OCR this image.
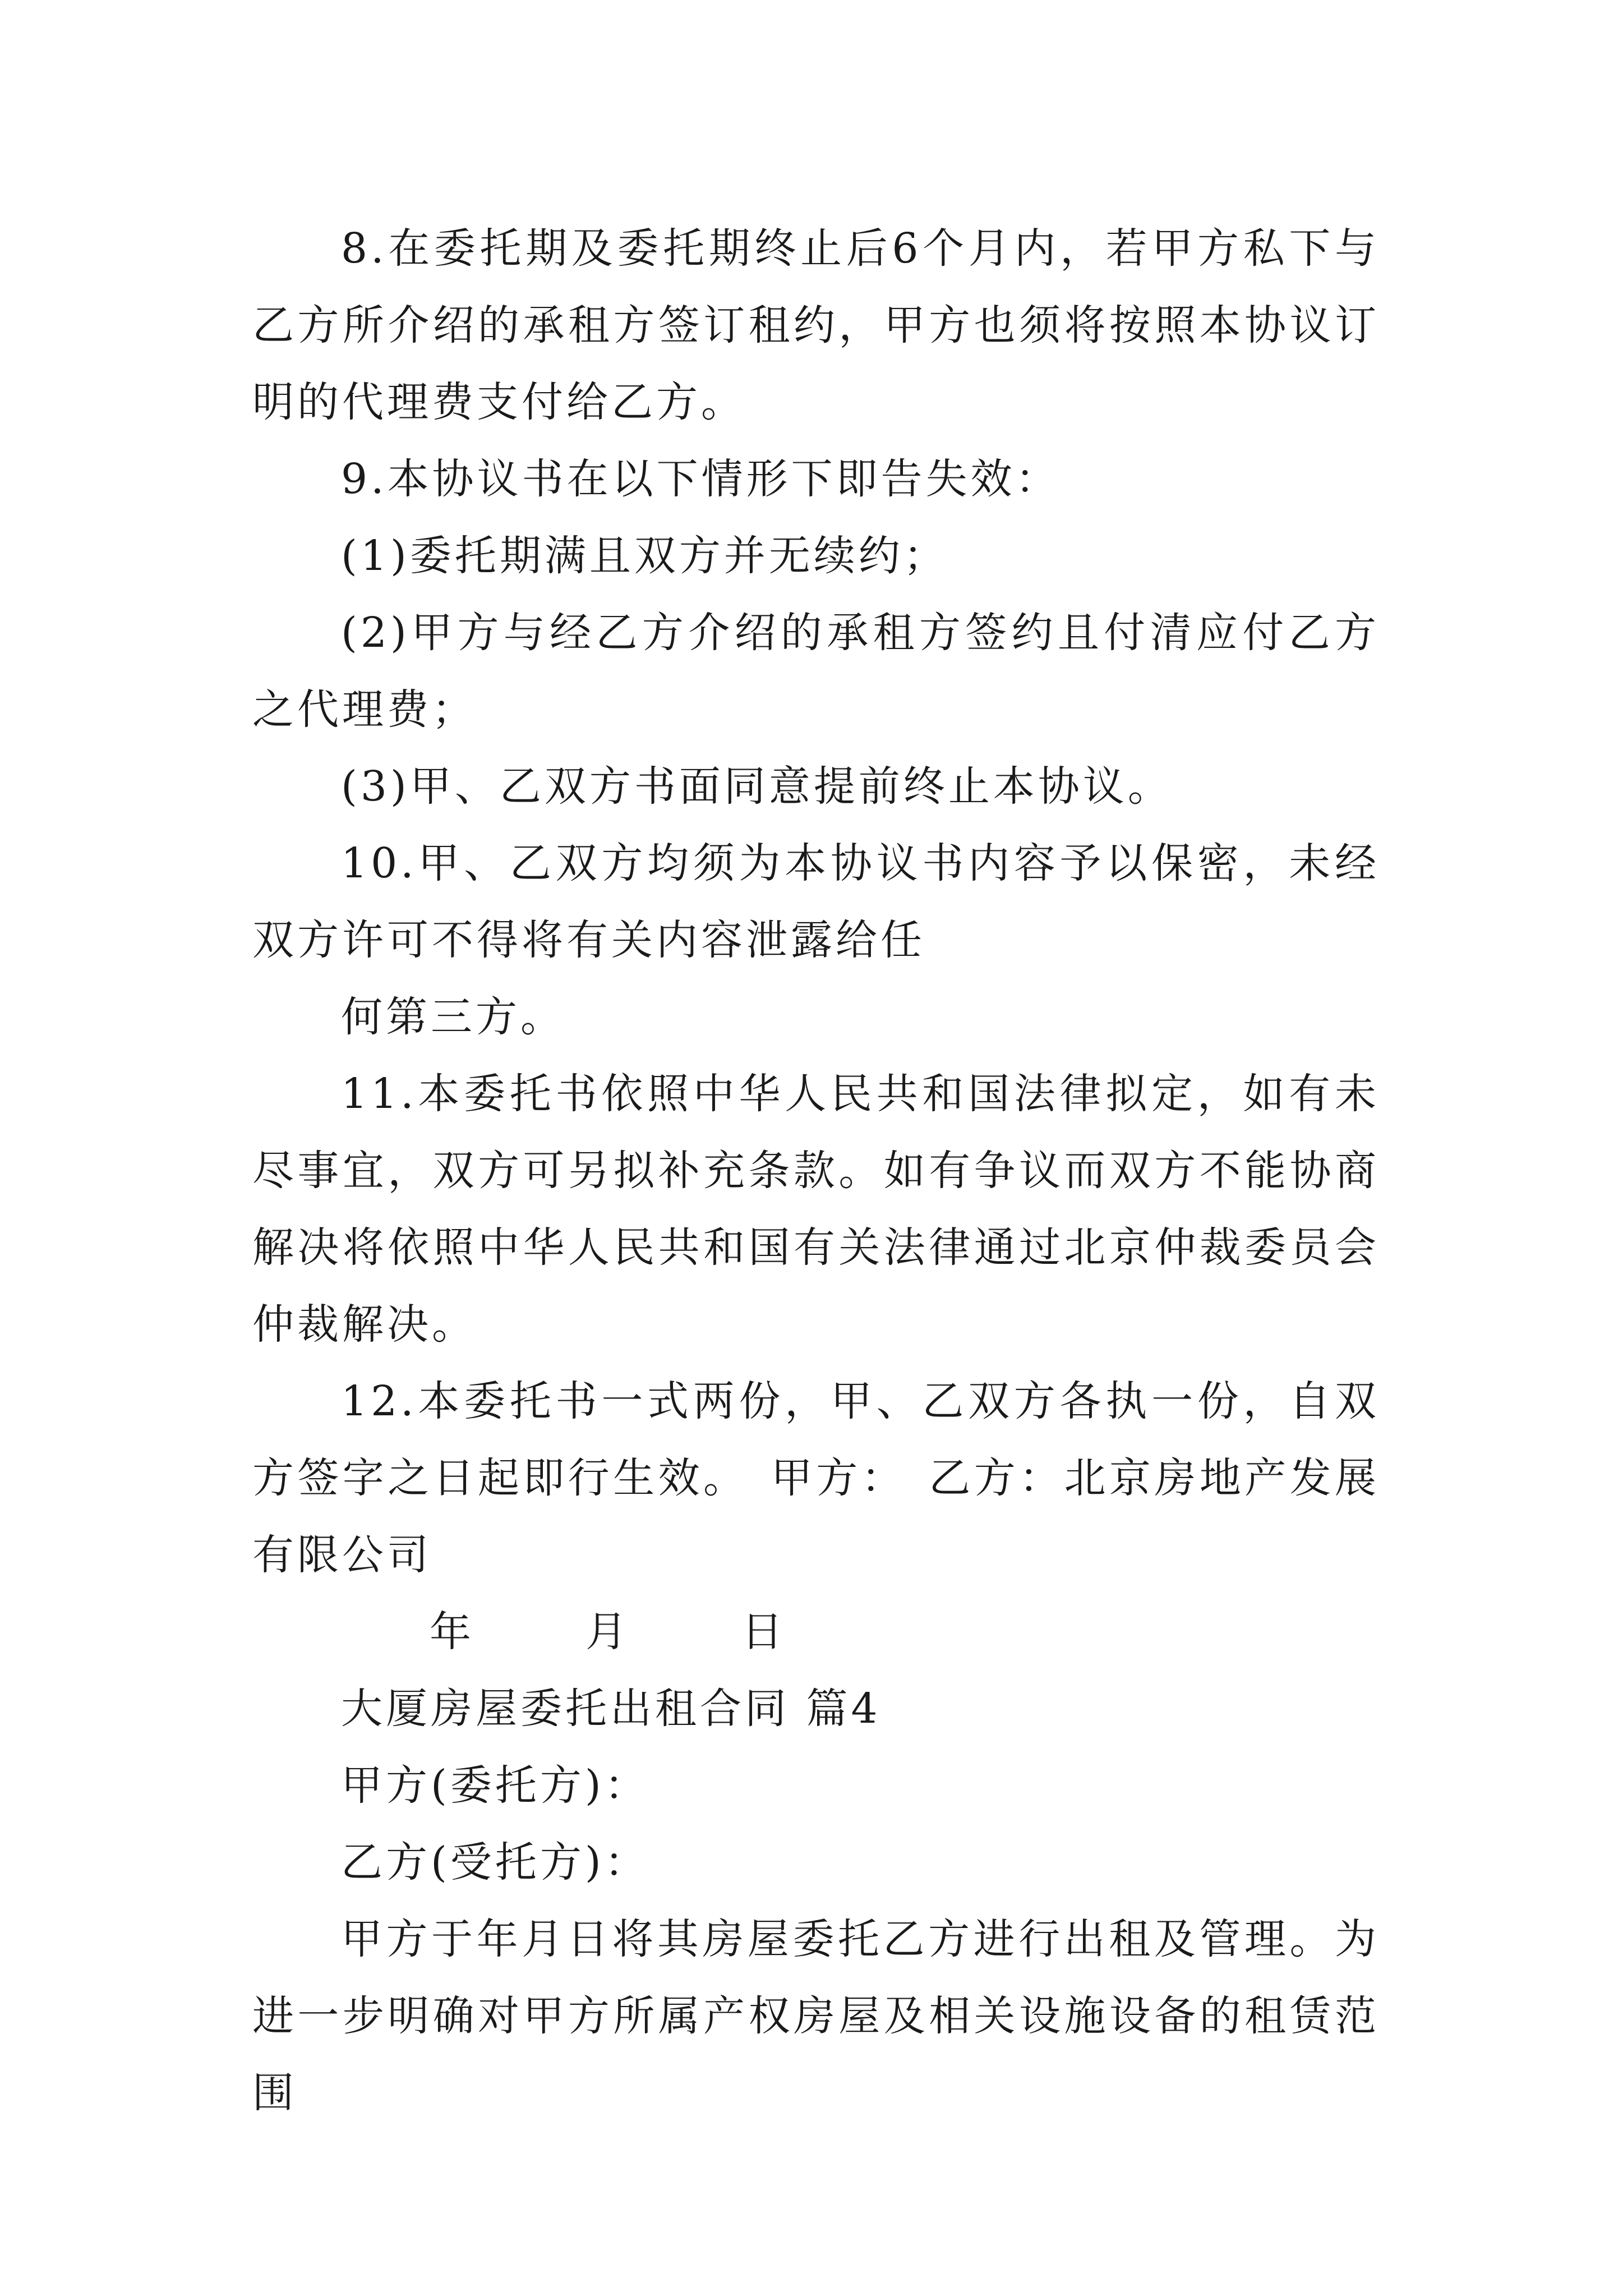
8.在委托期及委托期终止后6个月内，若甲方私下与乙方所介绍的承租方签订租约，甲方也须将按照本协议订明的代理费支付给乙方。

9.本协议书在以下情形下即告失效：

(1)委托期满且双方并无续约；

(2)甲方与经乙方介绍的承租方签约且付清应付乙方之代理费；

(3)甲、乙双方书面同意提前终止本协议。

10.甲、乙双方均须为本协议书内容予以保密，未经双方许可不得将有关内容泄露给任

何第三方。

11.本委托书依照中华人民共和国法律拟定，如有未尽事宜，双方可另拟补充条款。如有争议而双方不能协商解决将依照中华人民共和国有关法律通过北京仲裁委员会仲裁解决。

12.本委托书一式两份，甲、乙双方各执一份，自双方签字之日起即行生效。 甲方： 乙方：北京房地产发展有限公司

年	月	日

大厦房屋委托出租合同 篇4

甲方(委托方)：

乙方(受托方)：

甲方于年月日将其房屋委托乙方进行出租及管理。为进一步明确对甲方所属产权房屋及相关设施设备的租赁范围
